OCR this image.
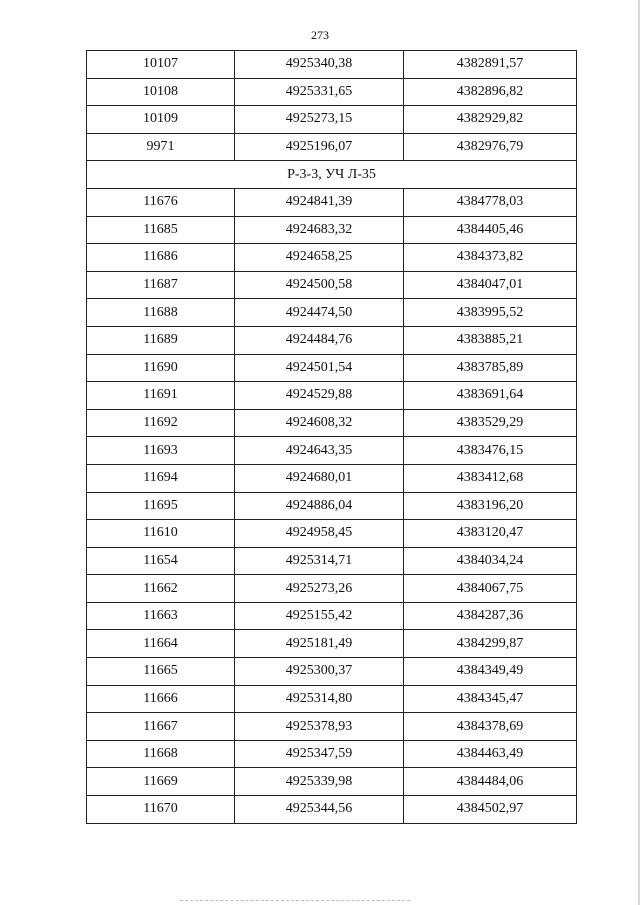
273
10107	4925340,38	4382891,57
10108	4925331,65	4382896,82
10109	4925273,15	4382929,82
9971	4925196,07	4382976,79
Р-3-3, УЧ Л-35		
11676	4924841,39	4384778,03
11685	4924683,32	4384405,46
11686	4924658,25	4384373,82
11687	4924500,58	4384047,01
11688	4924474,50	4383995,52
11689	4924484,76	4383885,21
11690	4924501,54	4383785,89
11691	4924529,88	4383691,64
11692	4924608,32	4383529,29
11693	4924643,35	4383476,15
11694	4924680,01	4383412,68
11695	4924886,04	4383196,20
11610	4924958,45	4383120,47
11654	4925314,71	4384034,24
11662	4925273,26	4384067,75
11663	4925155,42	4384287,36
11664	4925181,49	4384299,87
11665	4925300,37	4384349,49
11666	4925314,80	4384345,47
11667	4925378,93	4384378,69
11668	4925347,59	4384463,49
11669	4925339,98	4384484,06
11670	4925344,56	4384502,97
